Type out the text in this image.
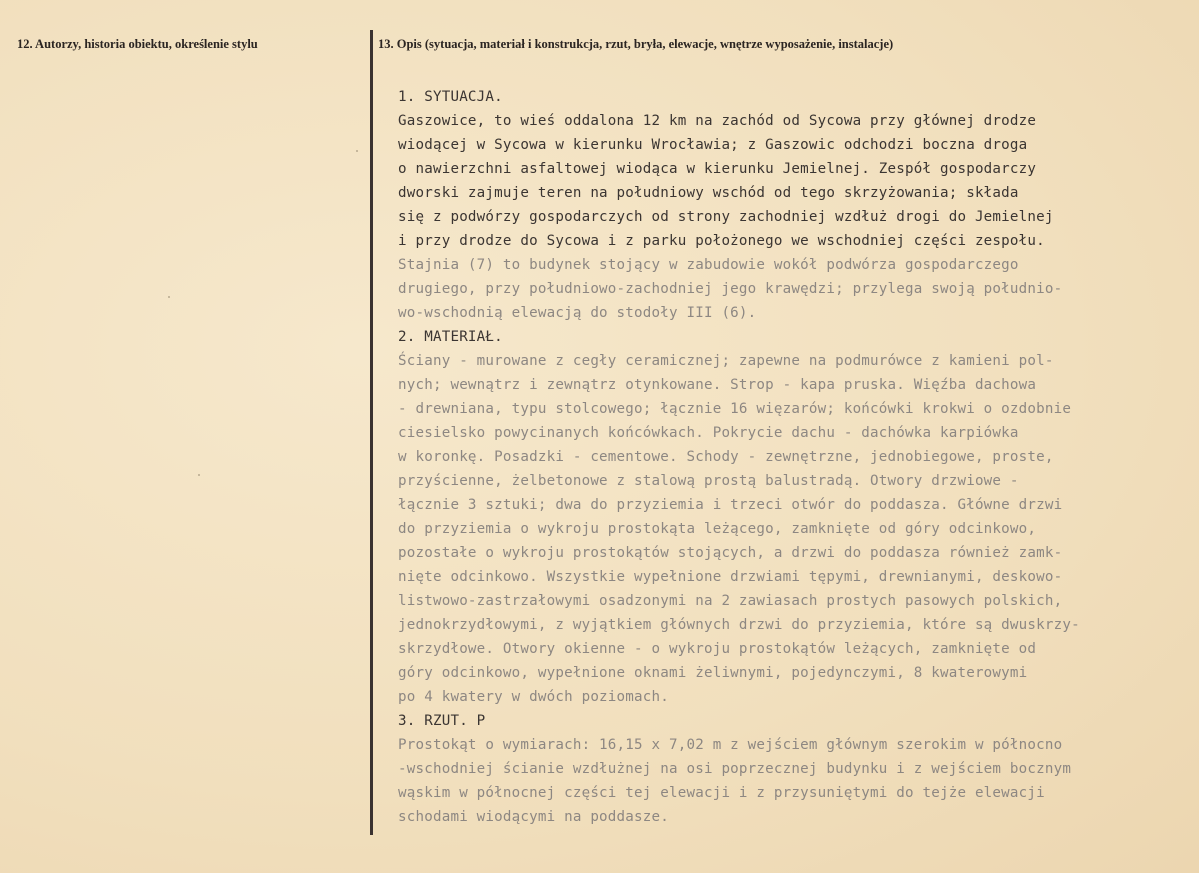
12. Autorzy, historia obiektu, określenie stylu	13. Opis (sytuacja, materiał i konstrukcja, rzut, bryła, elewacje, wnętrze wyposażenie, instalacje)
1. SYTUACJA.
Gaszowice, to wieś oddalona 12 km na zachód od Sycowa przy głównej drodze
wiodącej w Sycowa w kierunku Wrocławia; z Gaszowic odchodzi boczna droga
o nawierzchni asfaltowej wiodąca w kierunku Jemielnej. Zespół gospodarczy
dworski zajmuje teren na południowy wschód od tego skrzyżowania; składa
się z podwórzy gospodarczych od strony zachodniej wzdłuż drogi do Jemielnej
i przy drodze do Sycowa i z parku położonego we wschodniej części zespołu.
Stajnia (7) to budynek stojący w zabudowie wokół podwórza gospodarczego
drugiego, przy południowo-zachodniej jego krawędzi; przylega swoją południo-
wo-wschodnią elewacją do stodoły III (6).
2. MATERIAŁ.
Ściany - murowane z cegły ceramicznej; zapewne na podmurówce z kamieni pol-
nych; wewnątrz i zewnątrz otynkowane. Strop - kapa pruska. Więźba dachowa
- drewniana, typu stolcowego; łącznie 16 więzarów; końcówki krokwi o ozdobnie
ciesielsko powycinanych końcówkach. Pokrycie dachu - dachówka karpiówka
w koronkę. Posadzki - cementowe. Schody - zewnętrzne, jednobiegowe, proste,
przyścienne, żelbetonowe z stalową prostą balustradą. Otwory drzwiowe -
łącznie 3 sztuki; dwa do przyziemia i trzeci otwór do poddasza. Główne drzwi
do przyziemia o wykroju prostokąta leżącego, zamknięte od góry odcinkowo,
pozostałe o wykroju prostokątów stojących, a drzwi do poddasza również zamk-
nięte odcinkowo. Wszystkie wypełnione drzwiami tępymi, drewnianymi, deskowo-
listwowo-zastrzałowymi osadzonymi na 2 zawiasach prostych pasowych polskich,
jednokrzydłowymi, z wyjątkiem głównych drzwi do przyziemia, które są dwuskrzy-
skrzydłowe. Otwory okienne - o wykroju prostokątów leżących, zamknięte od
góry odcinkowo, wypełnione oknami żeliwnymi, pojedynczymi, 8 kwaterowymi
po 4 kwatery w dwóch poziomach.
3. RZUT. P
Prostokąt o wymiarach: 16,15 x 7,02 m z wejściem głównym szerokim w północno
-wschodniej ścianie wzdłużnej na osi poprzecznej budynku i z wejściem bocznym
wąskim w północnej części tej elewacji i z przysuniętymi do tejże elewacji
schodami wiodącymi na poddasze.
